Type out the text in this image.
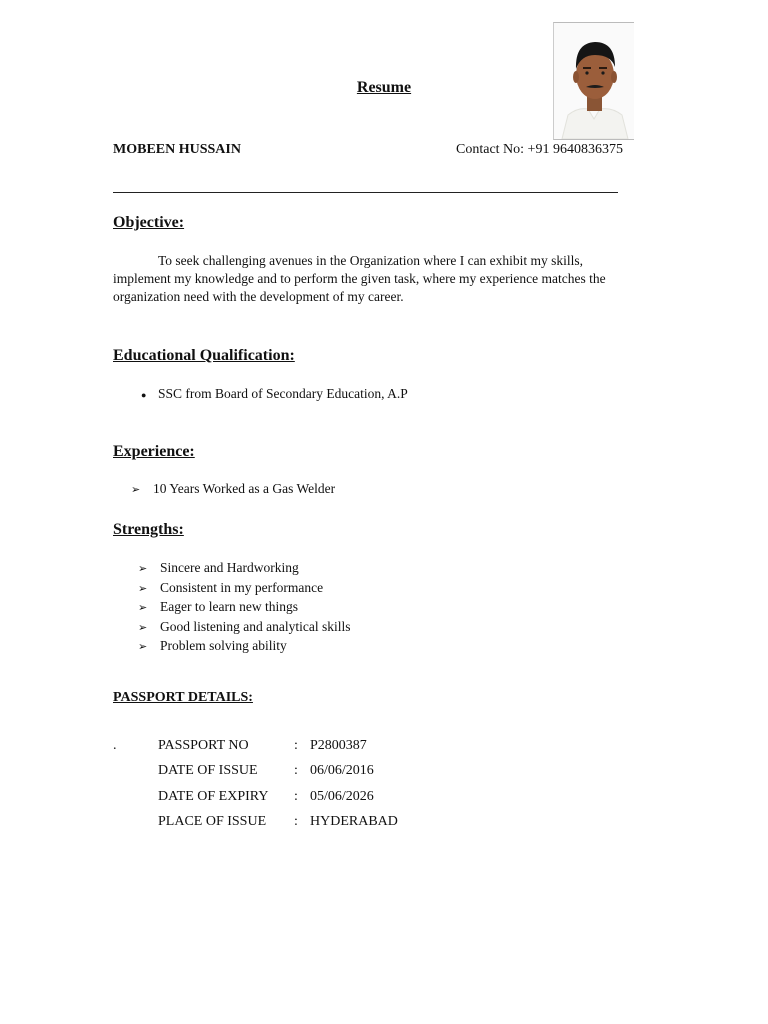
Resume
MOBEEN HUSSAIN	Contact No: +91 9640836375
Objective:
To seek challenging avenues in the Organization where I can exhibit my skills, implement my knowledge and to perform the given task, where my experience matches the organization need with the development of my career.
Educational Qualification:
● SSC from Board of Secondary Education, A.P
Experience:
➢ 10 Years Worked as a Gas Welder
Strengths:
➢ Sincere and Hardworking
➢ Consistent in my performance
➢ Eager to learn new things
➢ Good listening and analytical skills
➢ Problem solving ability
PASSPORT DETAILS:
.	PASSPORT NO	:	P2800387
	DATE OF ISSUE	:	06/06/2016
	DATE OF EXPIRY	:	05/06/2026
	PLACE OF ISSUE	:	HYDERABAD
